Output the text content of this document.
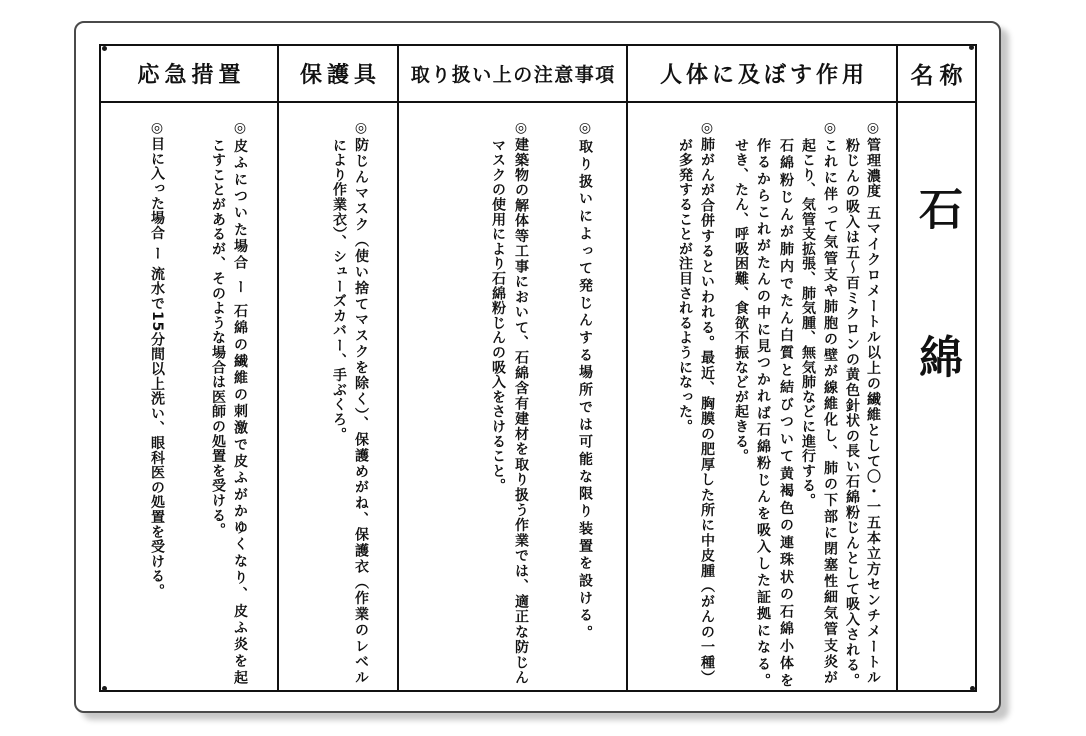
応急措置	保護具	取り扱い上の注意事項	人体に及ぼす作用	名称
◎皮ふについた場合 ー 石綿の繊維の刺激で皮ふがかゆくなり、皮ふ炎を起
こすことがあるが、そのような場合は医師の処置を受ける。
◎目に入った場合 ー 流水で15分間以上洗い、眼科医の処置を受ける。	◎防じんマスク（使い捨てマスクを除く）、保護めがね、保護衣（作業のレベル
により作業衣）、シューズカバー、手ぶくろ。	◎取り扱いによって発じんする場所では可能な限り装置を設ける。
◎建築物の解体等工事において、石綿含有建材を取り扱う作業では、適正な防じん
マスクの使用により石綿粉じんの吸入をさけること。	◎管理濃度 五マイクロメートル以上の繊維として〇・一五本立方センチメートル
粉じんの吸入は五～百ミクロンの黄色針状の長い石綿粉じんとして吸入される。
◎これに伴って気管支や肺胞の壁が線維化し、肺の下部に閉塞性細気管支炎が
起こり、気管支拡張、肺気腫、無気肺などに進行する。
石綿粉じんが肺内でたん白質と結びついて黄褐色の連珠状の石綿小体を
作るからこれがたんの中に見つかれば石綿粉じんを吸入した証拠になる。
せき、たん、呼吸困難、食欲不振などが起きる。
◎肺がんが合併するといわれる。最近、胸膜の肥厚した所に中皮腫（がんの一種）
が多発することが注目されるようになった。	石綿
